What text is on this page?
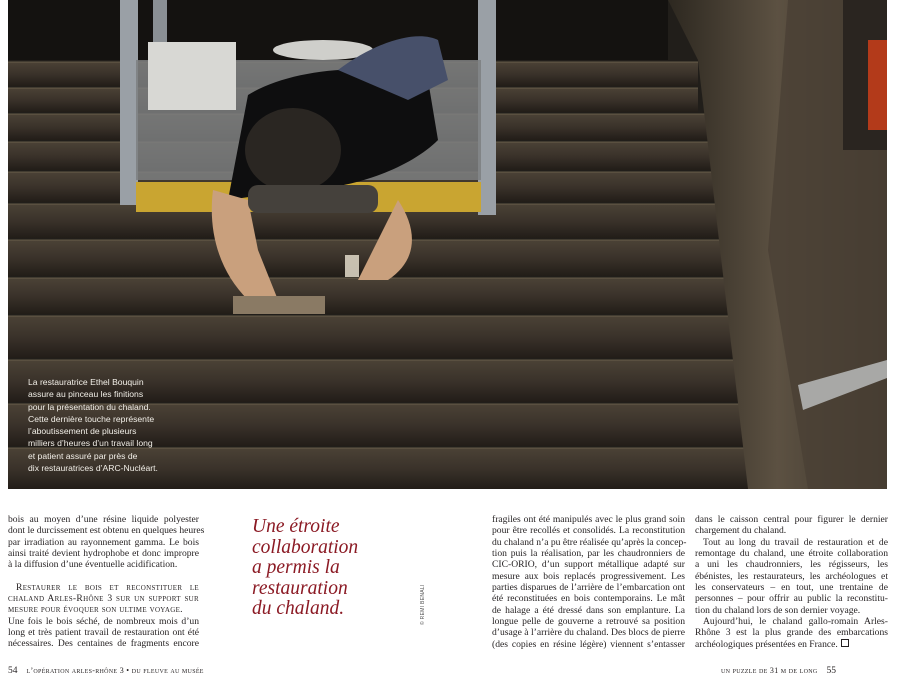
La restauratrice Ethel Bouquin
assure au pinceau les finitions
pour la présentation du chaland.
Cette dernière touche représente
l’aboutissement de plusieurs
milliers d’heures d’un travail long
et patient assuré par près de
dix restauratrices d’ARC-Nucléart.
bois au moyen d’une résine liquide polyester
dont le durcissement est obtenu en quelques heures
par irradiation au rayonnement gamma. Le bois
ainsi traité devient hydrophobe et donc impropre
à la diffusion d’une éventuelle acidification.
Restaurer le bois et reconstituer le
chaland Arles-Rhône 3 sur un support sur
mesure pour évoquer son ultime voyage.
Une fois le bois séché, de nombreux mois d’un
long et très patient travail de restauration ont été
nécessaires. Des centaines de fragments encore
Une étroite
collaboration
a permis la
restauration
du chaland.	© REMI BENALI
fragiles ont été manipulés avec le plus grand soin
pour être recollés et consolidés. La reconstitution
du chaland n’a pu être réalisée qu’après la concep-
tion puis la réalisation, par les chaudronniers de
CIC-ORIO, d’un support métallique adapté sur
mesure aux bois replacés progressivement. Les
parties disparues de l’arrière de l’embarcation ont
été reconstituées en bois contemporains. Le mât
de halage a été dressé dans son emplanture. La
longue pelle de gouverne a retrouvé sa position
d’usage à l’arrière du chaland. Des blocs de pierre
(des copies en résine légère) viennent s’entasser
dans le caisson central pour figurer le dernier
chargement du chaland.
Tout au long du travail de restauration et de
remontage du chaland, une étroite collaboration
a uni les chaudronniers, les régisseurs, les
ébénistes, les restaurateurs, les archéologues et
les conservateurs – en tout, une trentaine de
personnes – pour offrir au public la reconstitu-
tion du chaland lors de son dernier voyage.
Aujourd’hui, le chaland gallo-romain Arles-
Rhône 3 est la plus grande des embarcations
archéologiques présentées en France.
54 l’opération arles-rhône 3 • du fleuve au musée	un puzzle de 31 m de long 55
